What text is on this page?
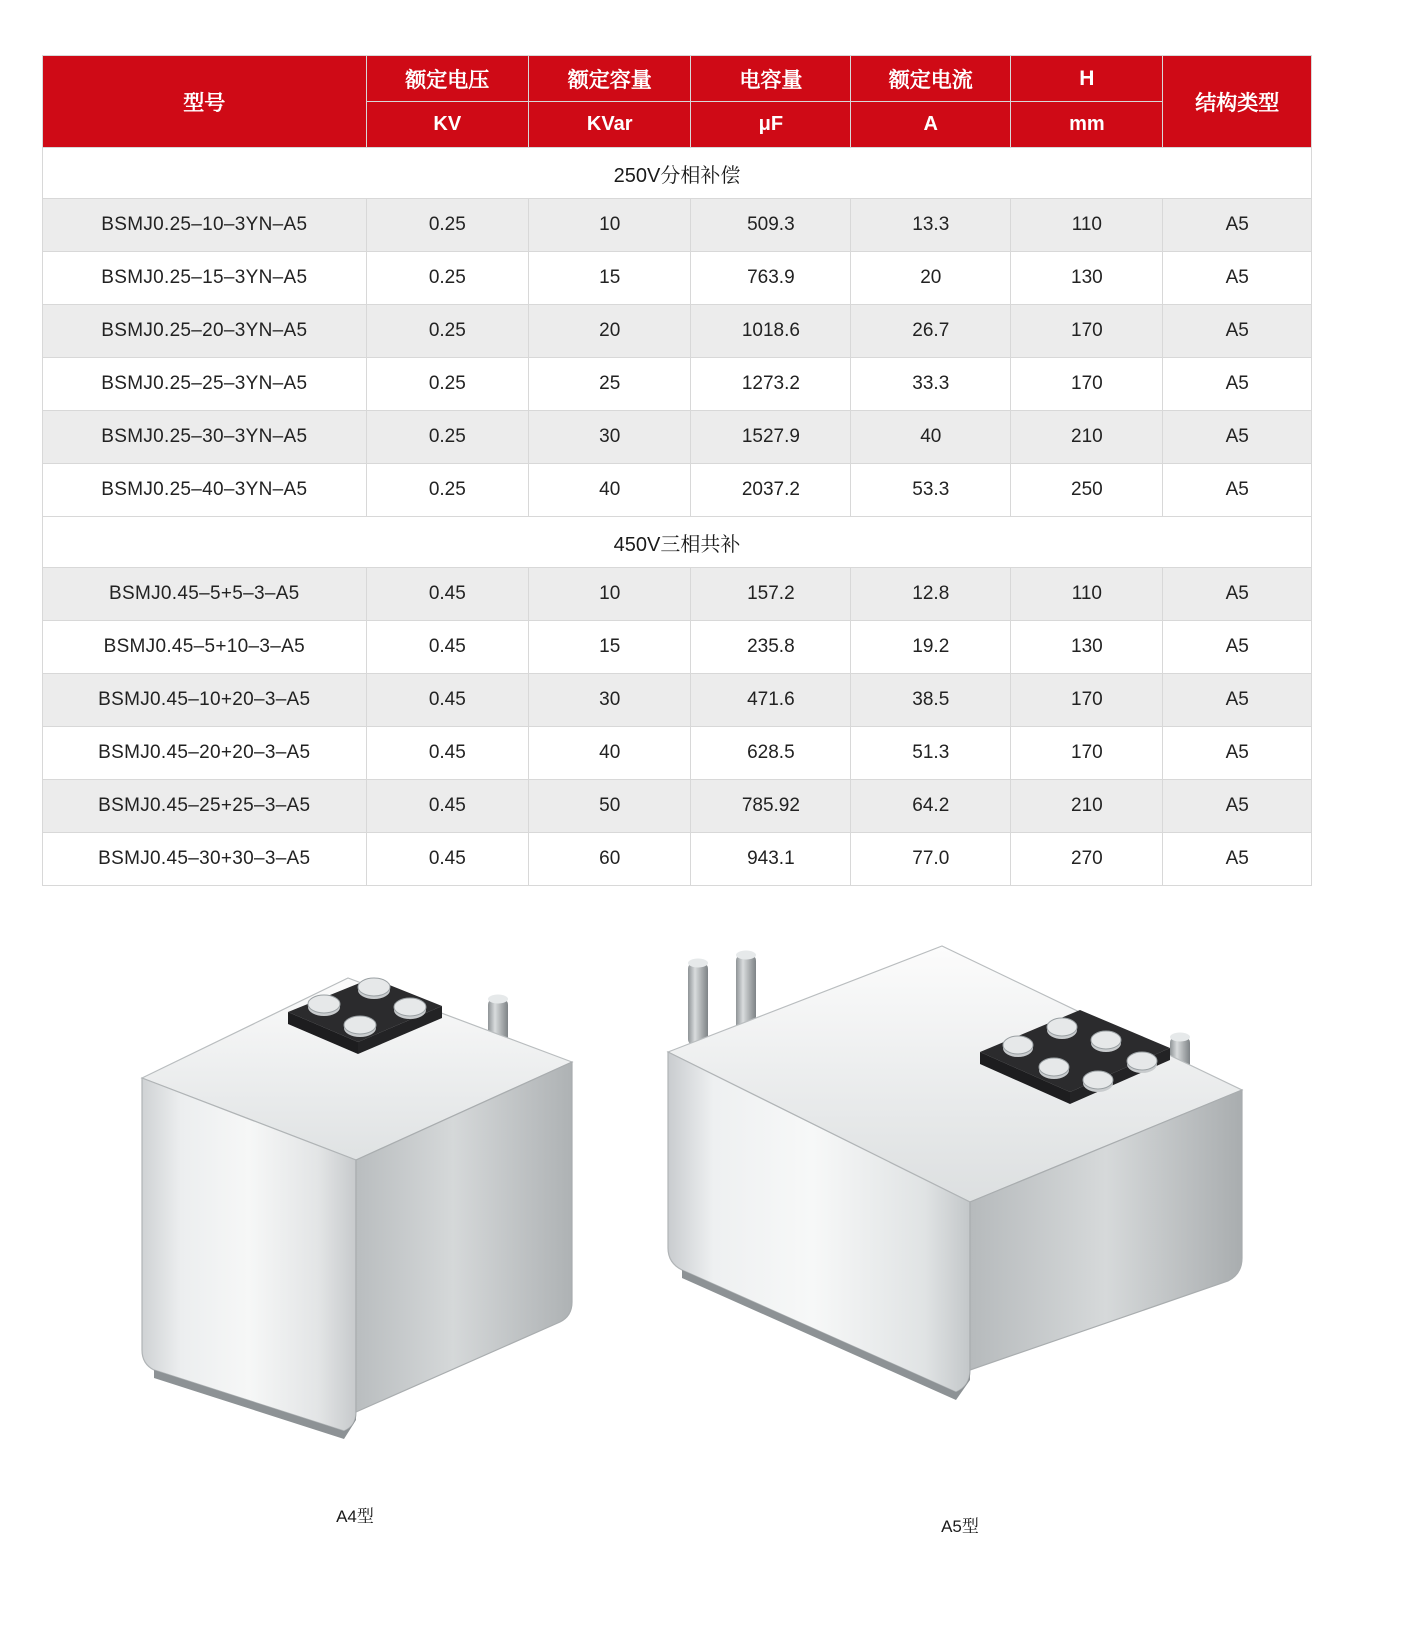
型号	额定电压	额定容量	电容量	额定电流	H	结构类型
	KV	KVar	μF	A	mm	
250V分相补偿						
BSMJ0.25–10–3YN–A5	0.25	10	509.3	13.3	110	A5
BSMJ0.25–15–3YN–A5	0.25	15	763.9	20	130	A5
BSMJ0.25–20–3YN–A5	0.25	20	1018.6	26.7	170	A5
BSMJ0.25–25–3YN–A5	0.25	25	1273.2	33.3	170	A5
BSMJ0.25–30–3YN–A5	0.25	30	1527.9	40	210	A5
BSMJ0.25–40–3YN–A5	0.25	40	2037.2	53.3	250	A5
450V三相共补						
BSMJ0.45–5+5–3–A5	0.45	10	157.2	12.8	110	A5
BSMJ0.45–5+10–3–A5	0.45	15	235.8	19.2	130	A5
BSMJ0.45–10+20–3–A5	0.45	30	471.6	38.5	170	A5
BSMJ0.45–20+20–3–A5	0.45	40	628.5	51.3	170	A5
BSMJ0.45–25+25–3–A5	0.45	50	785.92	64.2	210	A5
BSMJ0.45–30+30–3–A5	0.45	60	943.1	77.0	270	A5
A4型
A5型
